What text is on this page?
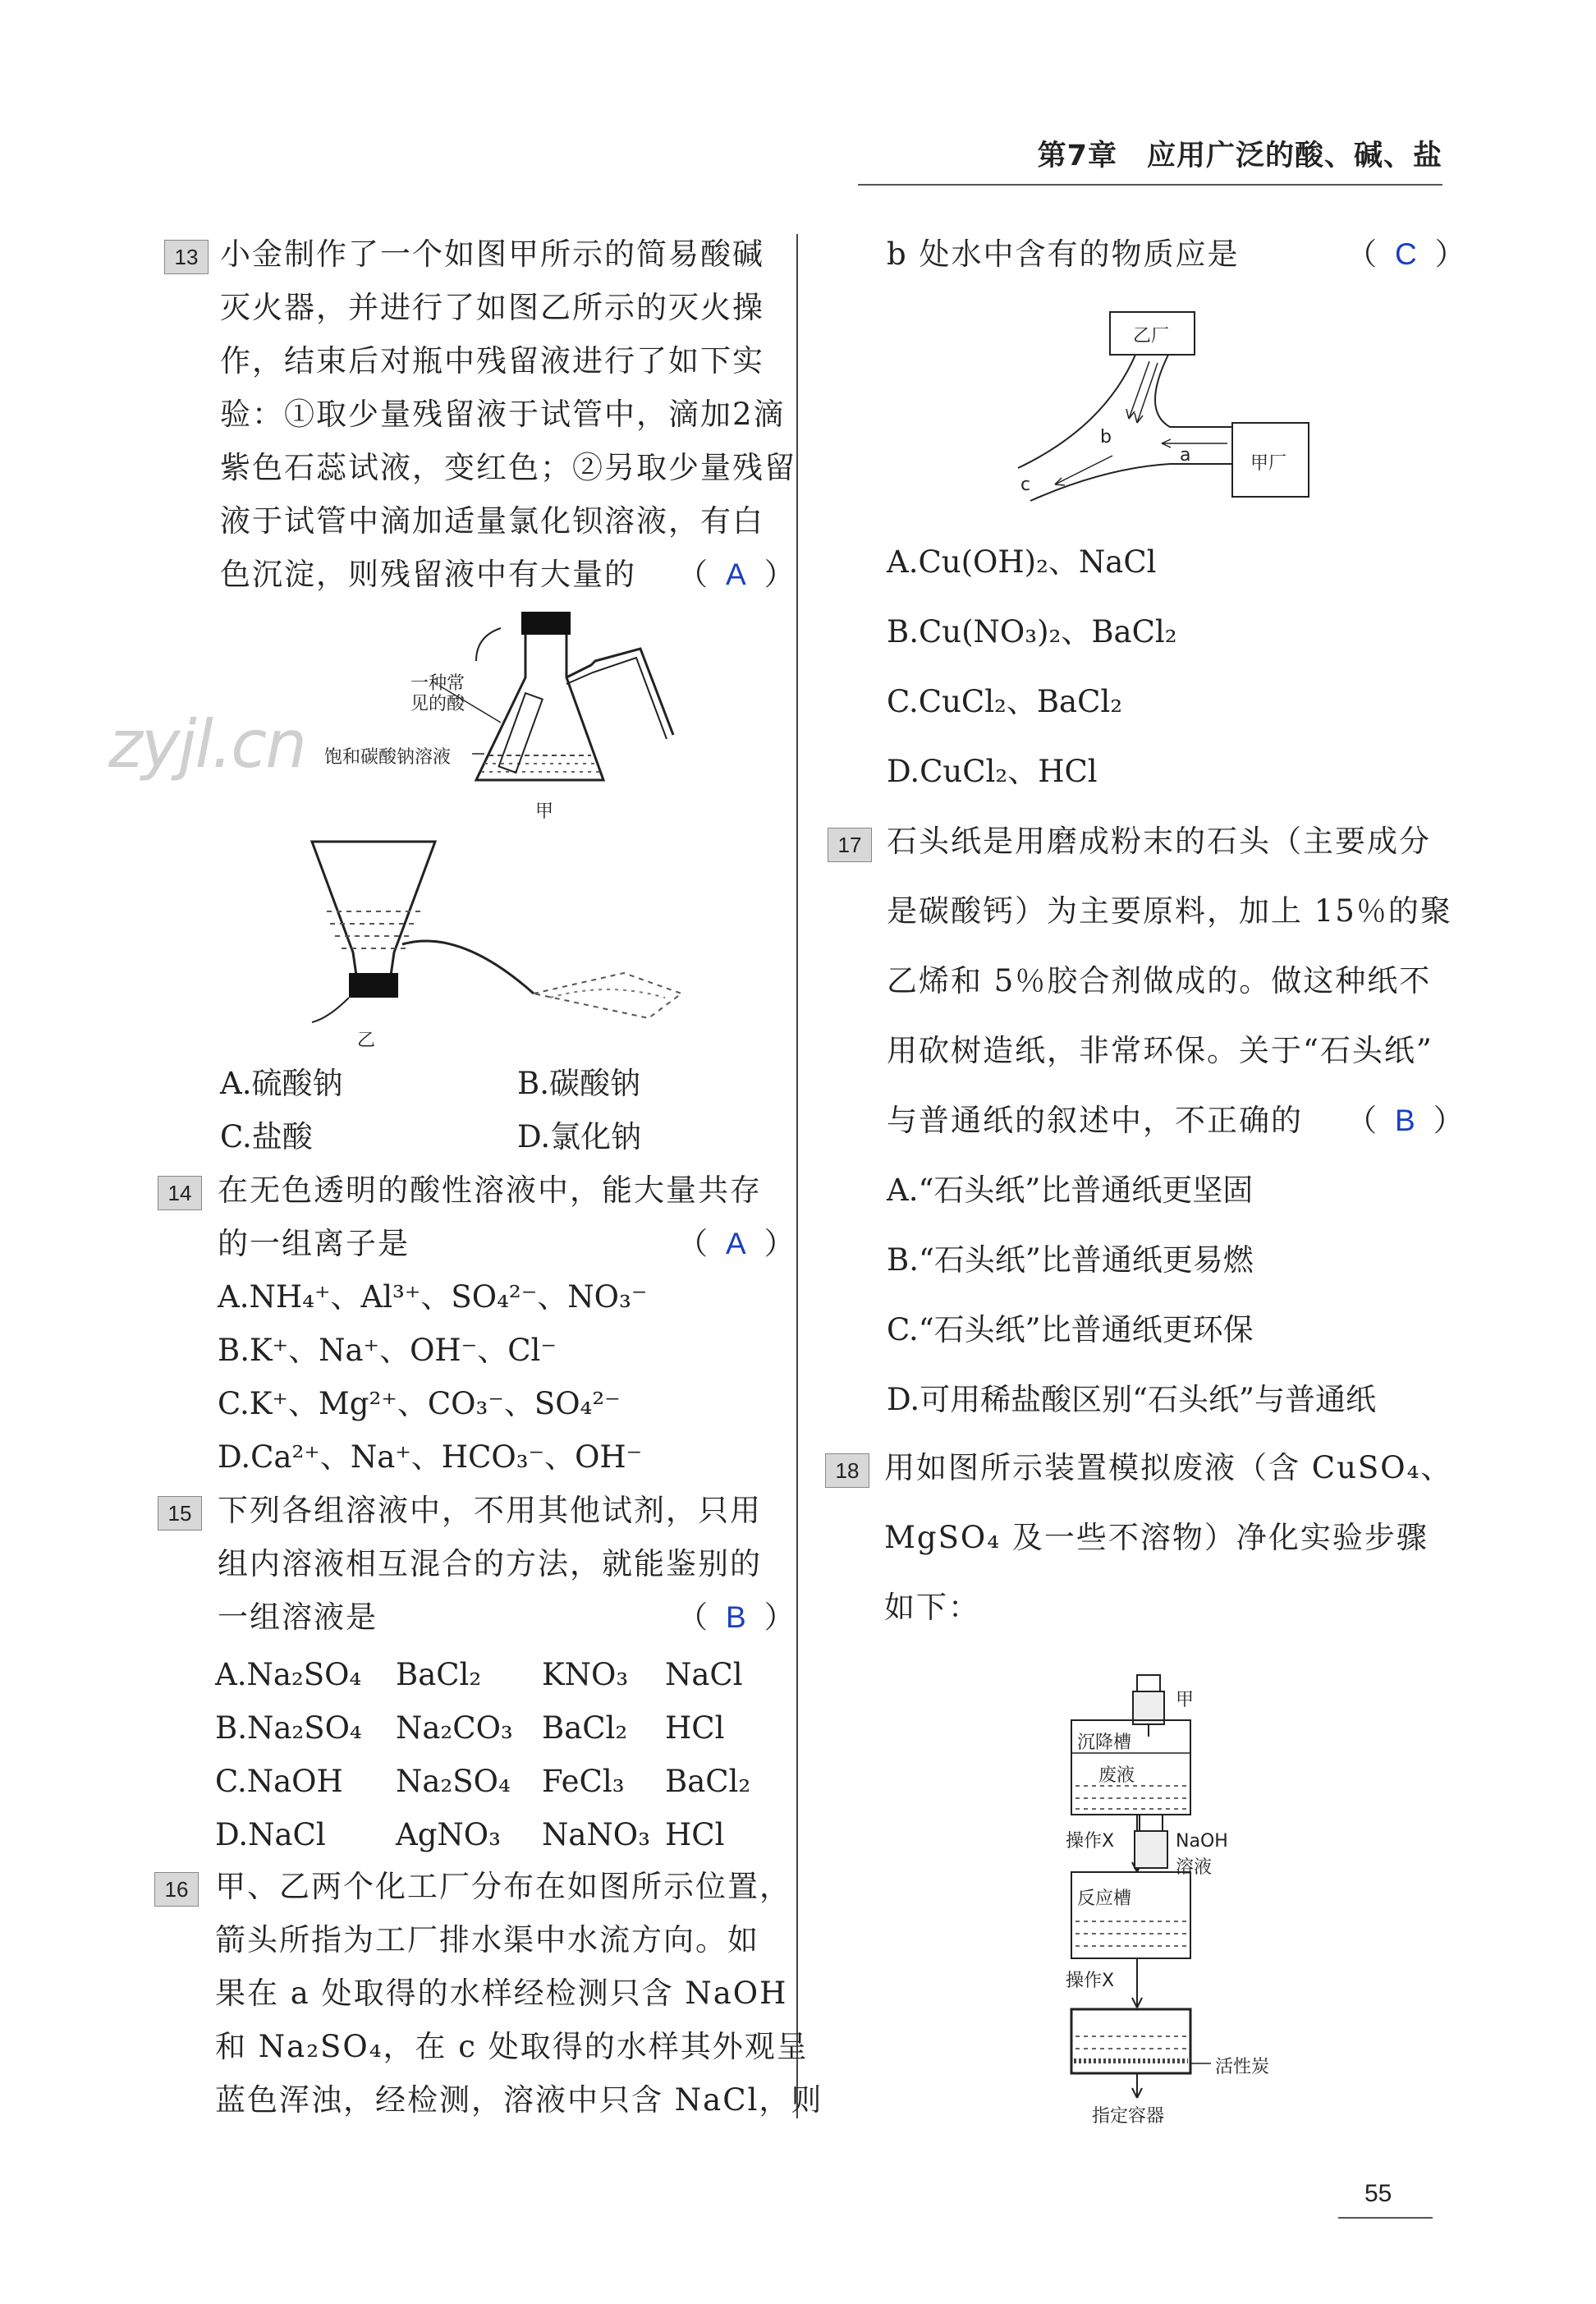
第7章　应用广泛的酸、碱、盐
zyjl.cn
13 小金制作了一个如图甲所示的简易酸碱
灭火器，并进行了如图乙所示的灭火操
作，结束后对瓶中残留液进行了如下实
验：①取少量残留液于试管中，滴加2滴
紫色石蕊试液，变红色；②另取少量残留
液于试管中滴加适量氯化钡溶液，有白
色沉淀，则残留液中有大量的 （ A ）
一种常
见的酸
饱和碳酸钠溶液
甲
乙
A.硫酸钠	B.碳酸钠
C.盐酸	D.氯化钠
14 在无色透明的酸性溶液中，能大量共存
的一组离子是	（ A ）
A.NH₄⁺、Al³⁺、SO₄²⁻、NO₃⁻
B.K⁺、Na⁺、OH⁻、Cl⁻
C.K⁺、Mg²⁺、CO₃⁻、SO₄²⁻
D.Ca²⁺、Na⁺、HCO₃⁻、OH⁻
15 下列各组溶液中，不用其他试剂，只用
组内溶液相互混合的方法，就能鉴别的
一组溶液是	（ B ）
A.Na₂SO₄ BaCl₂ KNO₃ NaCl
B.Na₂SO₄ Na₂CO₃ BaCl₂ HCl
C.NaOH Na₂SO₄ FeCl₃ BaCl₂
D.NaCl AgNO₃ NaNO₃ HCl
16 甲、乙两个化工厂分布在如图所示位置，
箭头所指为工厂排水渠中水流方向。如
果在 a 处取得的水样经检测只含 NaOH
和 Na₂SO₄，在 c 处取得的水样其外观呈
蓝色浑浊，经检测，溶液中只含 NaCl，则
b 处水中含有的物质应是	（ C ）
乙厂
甲厂
a
b
c
A.Cu(OH)₂、NaCl
B.Cu(NO₃)₂、BaCl₂
C.CuCl₂、BaCl₂
D.CuCl₂、HCl
17 石头纸是用磨成粉末的石头（主要成分
是碳酸钙）为主要原料，加上 15％的聚
乙烯和 5％胶合剂做成的。做这种纸不
用砍树造纸，非常环保。关于“石头纸”
与普通纸的叙述中，不正确的 （ B ）
A.“石头纸”比普通纸更坚固
B.“石头纸”比普通纸更易燃
C.“石头纸”比普通纸更环保
D.可用稀盐酸区别“石头纸”与普通纸
18 用如图所示装置模拟废液（含 CuSO₄、
MgSO₄ 及一些不溶物）净化实验步骤
如下：
甲
沉降槽
废液
操作X	NaOH
溶液
反应槽
操作X
活性炭
指定容器
55
